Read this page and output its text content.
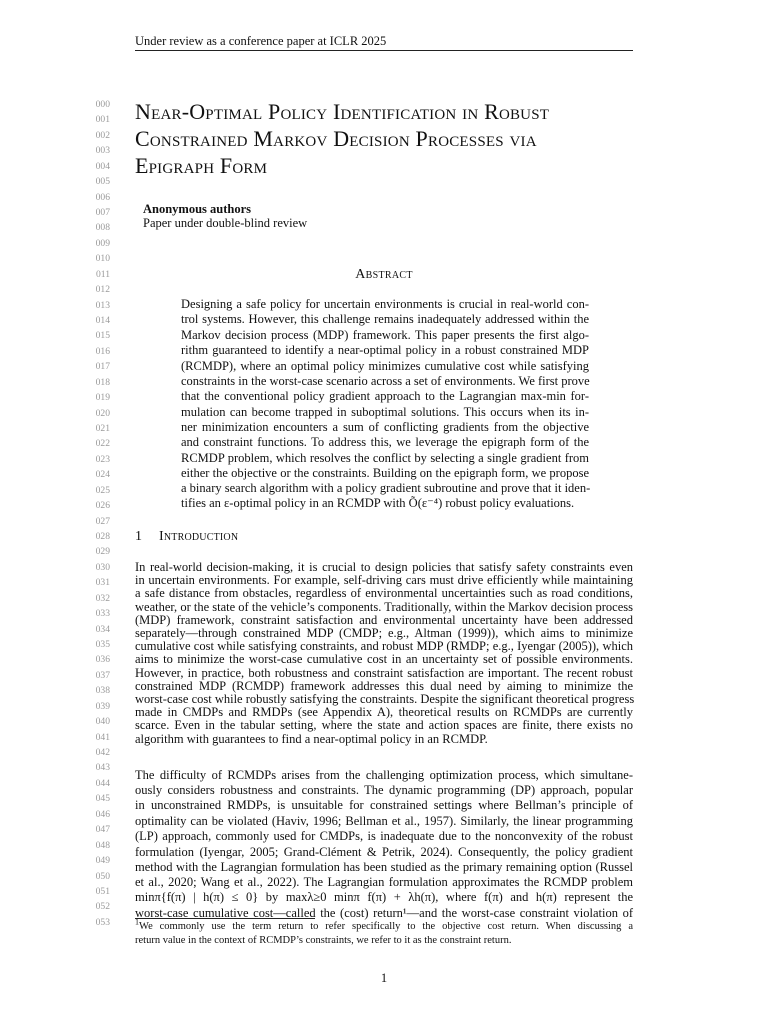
Under review as a conference paper at ICLR 2025
000
001
002
003
004
005
006
007
008
009
010
011
012
013
014
015
016
017
018
019
020
021
022
023
024
025
026
027
028
029
030
031
032
033
034
035
036
037
038
039
040
041
042
043
044
045
046
047
048
049
050
051
052
053
Near-Optimal Policy Identification in Robust
Constrained Markov Decision Processes via
Epigraph Form
Anonymous authors
Paper under double-blind review
Abstract
Designing a safe policy for uncertain environments is crucial in real-world con-
trol systems. However, this challenge remains inadequately addressed within the
Markov decision process (MDP) framework. This paper presents the first algo-
rithm guaranteed to identify a near-optimal policy in a robust constrained MDP
(RCMDP), where an optimal policy minimizes cumulative cost while satisfying
constraints in the worst-case scenario across a set of environments. We first prove
that the conventional policy gradient approach to the Lagrangian max-min for-
mulation can become trapped in suboptimal solutions. This occurs when its in-
ner minimization encounters a sum of conflicting gradients from the objective
and constraint functions. To address this, we leverage the epigraph form of the
RCMDP problem, which resolves the conflict by selecting a single gradient from
either the objective or the constraints. Building on the epigraph form, we propose
a binary search algorithm with a policy gradient subroutine and prove that it iden-
tifies an ε-optimal policy in an RCMDP with Õ(ε⁻⁴) robust policy evaluations.
1 Introduction
In real-world decision-making, it is crucial to design policies that satisfy safety constraints even
in uncertain environments. For example, self-driving cars must drive efficiently while maintaining
a safe distance from obstacles, regardless of environmental uncertainties such as road conditions,
weather, or the state of the vehicle’s components. Traditionally, within the Markov decision process
(MDP) framework, constraint satisfaction and environmental uncertainty have been addressed
separately—through constrained MDP (CMDP; e.g., Altman (1999)), which aims to minimize
cumulative cost while satisfying constraints, and robust MDP (RMDP; e.g., Iyengar (2005)), which
aims to minimize the worst-case cumulative cost in an uncertainty set of possible environments.
However, in practice, both robustness and constraint satisfaction are important. The recent robust
constrained MDP (RCMDP) framework addresses this dual need by aiming to minimize the
worst-case cost while robustly satisfying the constraints. Despite the significant theoretical progress
made in CMDPs and RMDPs (see Appendix A), theoretical results on RCMDPs are currently
scarce. Even in the tabular setting, where the state and action spaces are finite, there exists no
algorithm with guarantees to find a near-optimal policy in an RCMDP.
The difficulty of RCMDPs arises from the challenging optimization process, which simultane-
ously considers robustness and constraints. The dynamic programming (DP) approach, popular
in unconstrained RMDPs, is unsuitable for constrained settings where Bellman’s principle of
optimality can be violated (Haviv, 1996; Bellman et al., 1957). Similarly, the linear programming
(LP) approach, commonly used for CMDPs, is inadequate due to the nonconvexity of the robust
formulation (Iyengar, 2005; Grand-Clément & Petrik, 2024). Consequently, the policy gradient
method with the Lagrangian formulation has been studied as the primary remaining option (Russel
et al., 2020; Wang et al., 2022). The Lagrangian formulation approximates the RCMDP problem
minπ{f(π) | h(π) ≤ 0} by maxλ≥0 minπ f(π) + λh(π), where f(π) and h(π) represent the
worst-case cumulative cost—called the (cost) return¹—and the worst-case constraint violation of
$^1$We commonly use the term return to refer specifically to the objective cost return. When discussing a
return value in the context of RCMDP’s constraints, we refer to it as the constraint return.
1
